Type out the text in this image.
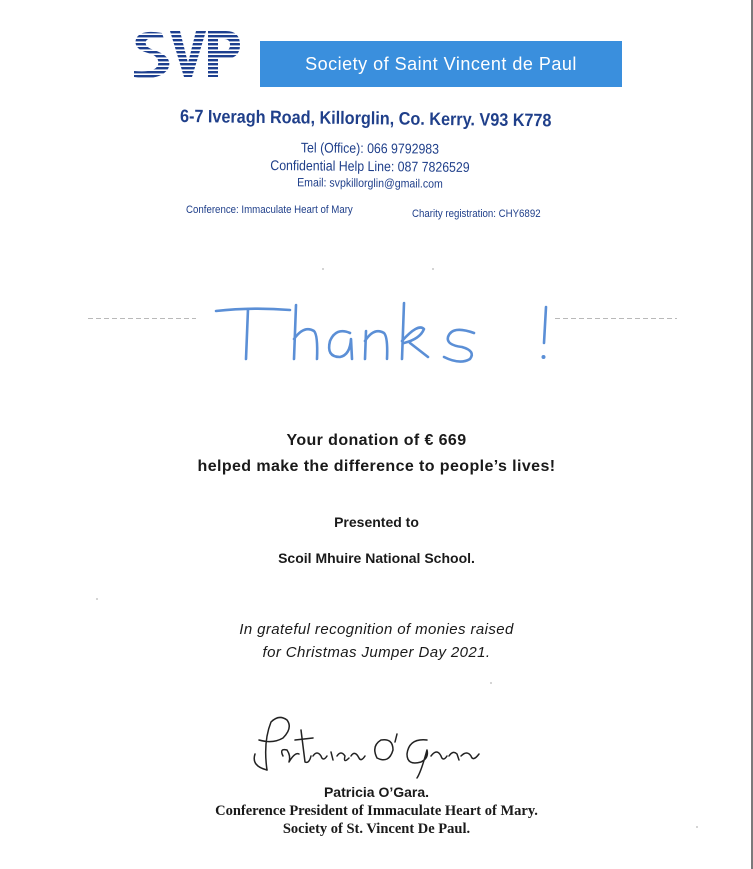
Society of Saint Vincent de Paul
6-7 Iveragh Road, Killorglin, Co. Kerry. V93 K778
Tel (Office): 066 9792983
Confidential Help Line: 087 7826529
Email: svpkillorglin@gmail.com
Conference: Immaculate Heart of Mary	Charity registration: CHY6892
Thanks !
Your donation of € 669
helped make the difference to people’s lives!
Presented to
Scoil Mhuire National School.
In grateful recognition of monies raised
for Christmas Jumper Day 2021.
Patricia O'Gara
Patricia O’Gara.
Conference President of Immaculate Heart of Mary.
Society of St. Vincent De Paul.
